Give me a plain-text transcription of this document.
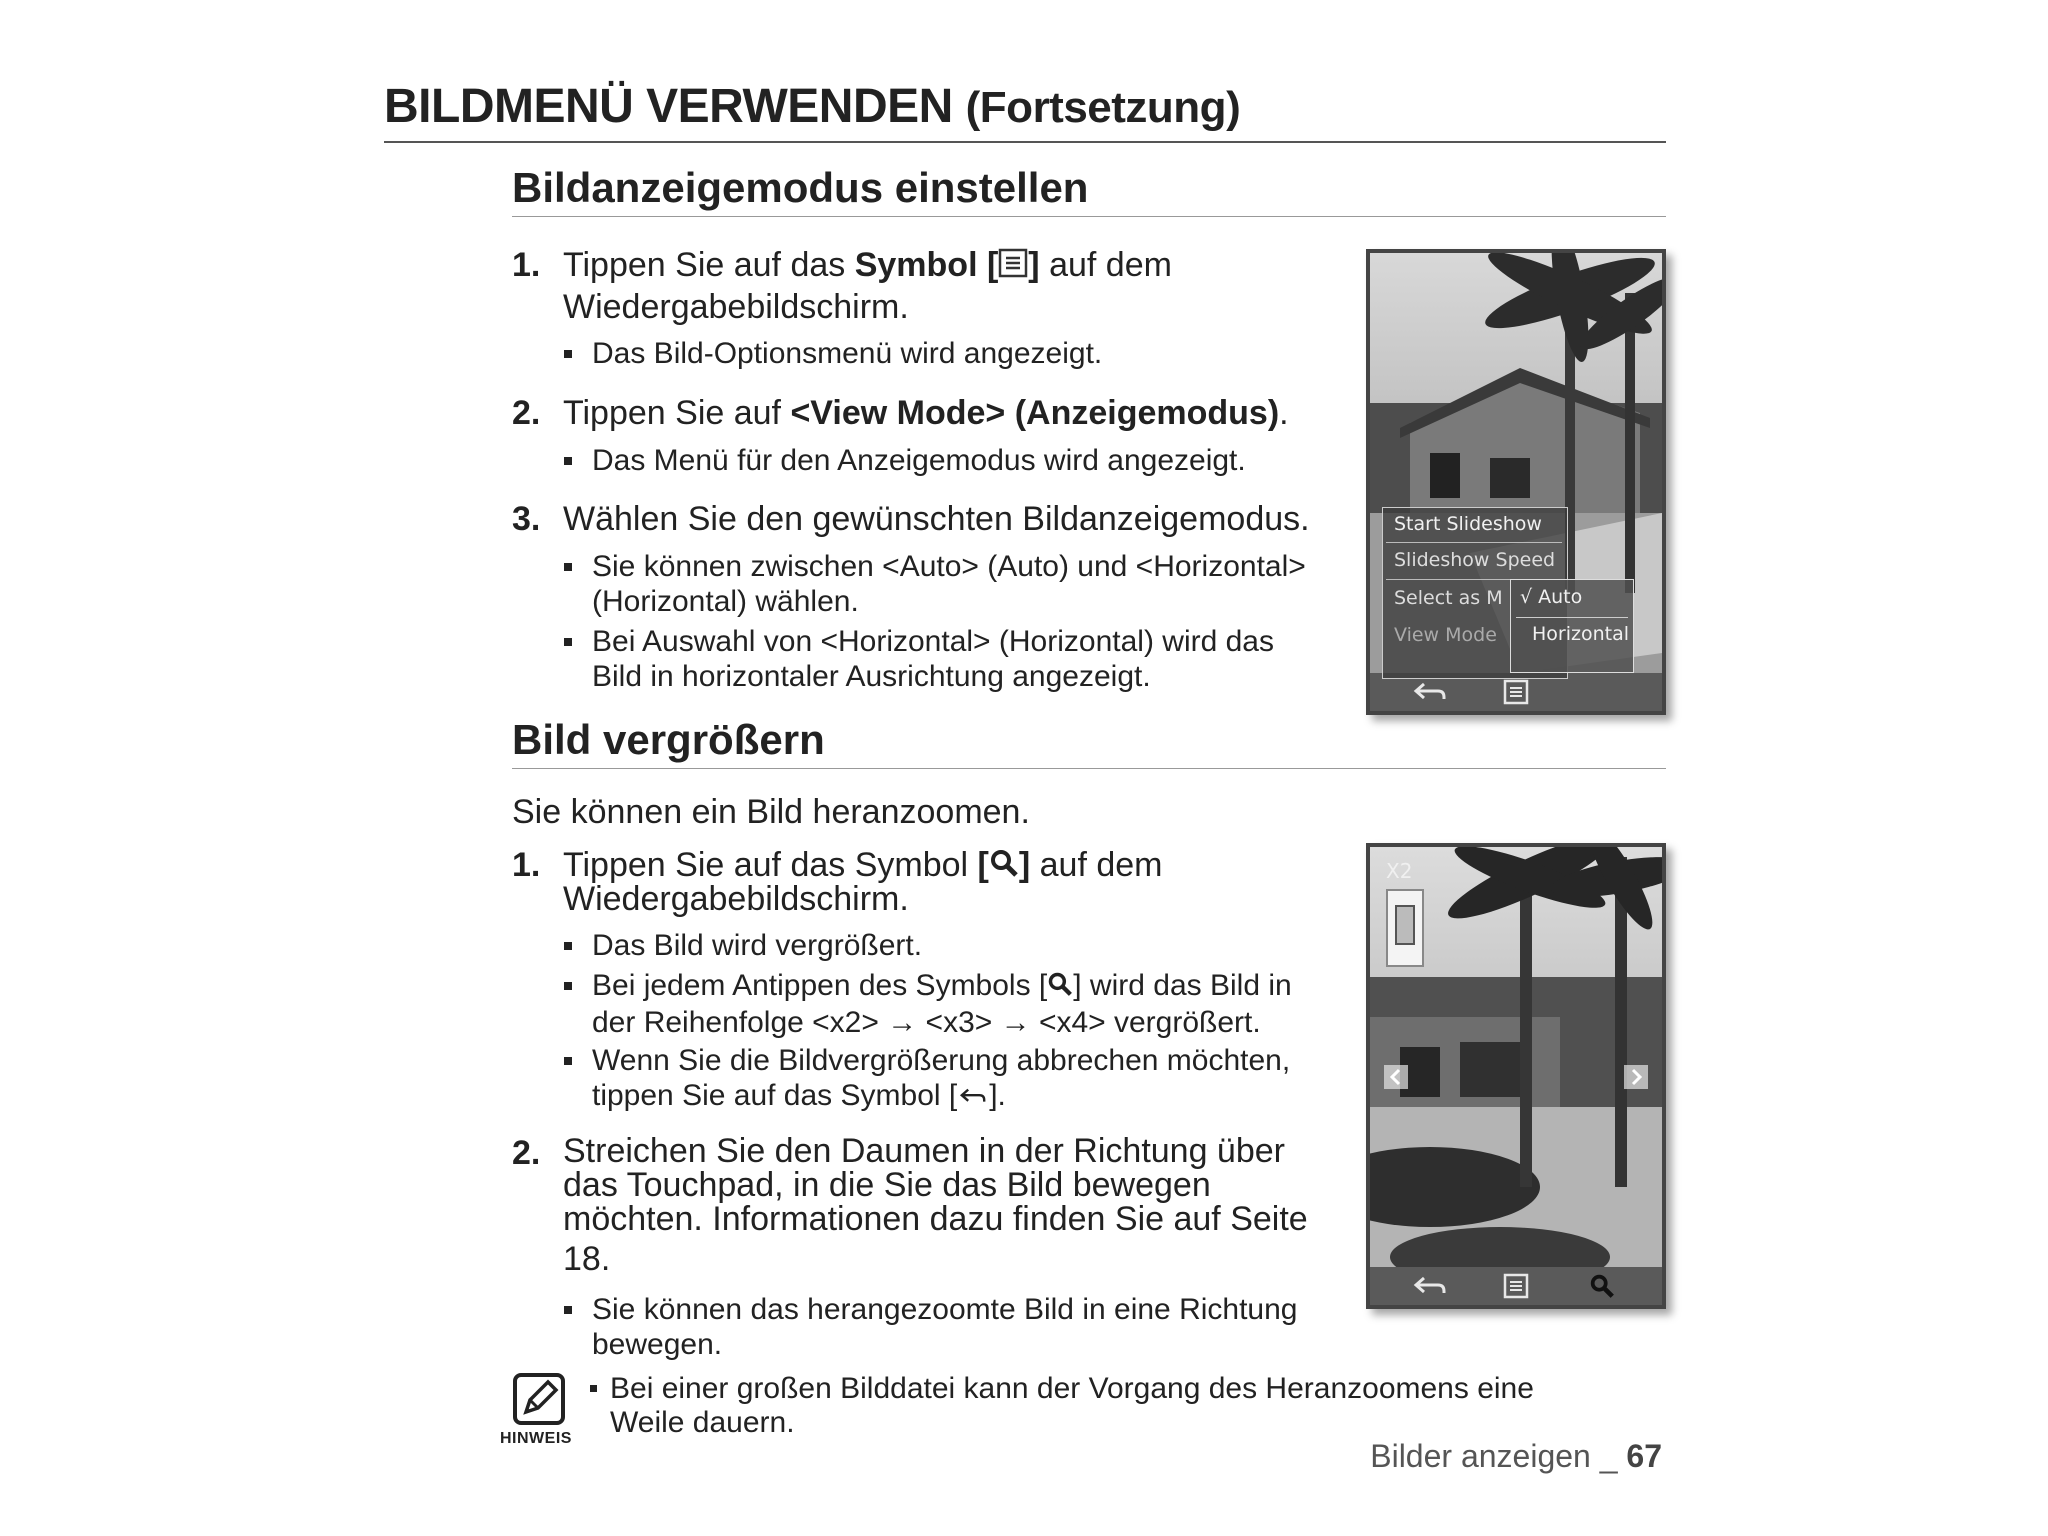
BILDMENÜ VERWENDEN (Fortsetzung)
Bildanzeigemodus einstellen
1. Tippen Sie auf das Symbol [ ] auf dem
Wiedergabebildschirm.
Das Bild-Optionsmenü wird angezeigt.
2. Tippen Sie auf <View Mode> (Anzeigemodus).
Das Menü für den Anzeigemodus wird angezeigt.
3. Wählen Sie den gewünschten Bildanzeigemodus.
Sie können zwischen <Auto> (Auto) und <Horizontal>
(Horizontal) wählen.
Bei Auswahl von <Horizontal> (Horizontal) wird das
Bild in horizontaler Ausrichtung angezeigt.
Start Slideshow
Slideshow Speed
Select as M
View Mode
√ Auto
Horizontal
Bild vergrößern
Sie können ein Bild heranzoomen.
1. Tippen Sie auf das Symbol [ ] auf dem
Wiedergabebildschirm.
Das Bild wird vergrößert.
Bei jedem Antippen des Symbols [ ] wird das Bild in
der Reihenfolge <x2> → <x3> → <x4> vergrößert.
Wenn Sie die Bildvergrößerung abbrechen möchten,
tippen Sie auf das Symbol [ ].
2. Streichen Sie den Daumen in der Richtung über
das Touchpad, in die Sie das Bild bewegen
möchten. Informationen dazu finden Sie auf Seite
18.
Sie können das herangezoomte Bild in eine Richtung
bewegen.
X2
HINWEIS
Bei einer großen Bilddatei kann der Vorgang des Heranzoomens eine
Weile dauern.
Bilder anzeigen _ 67
